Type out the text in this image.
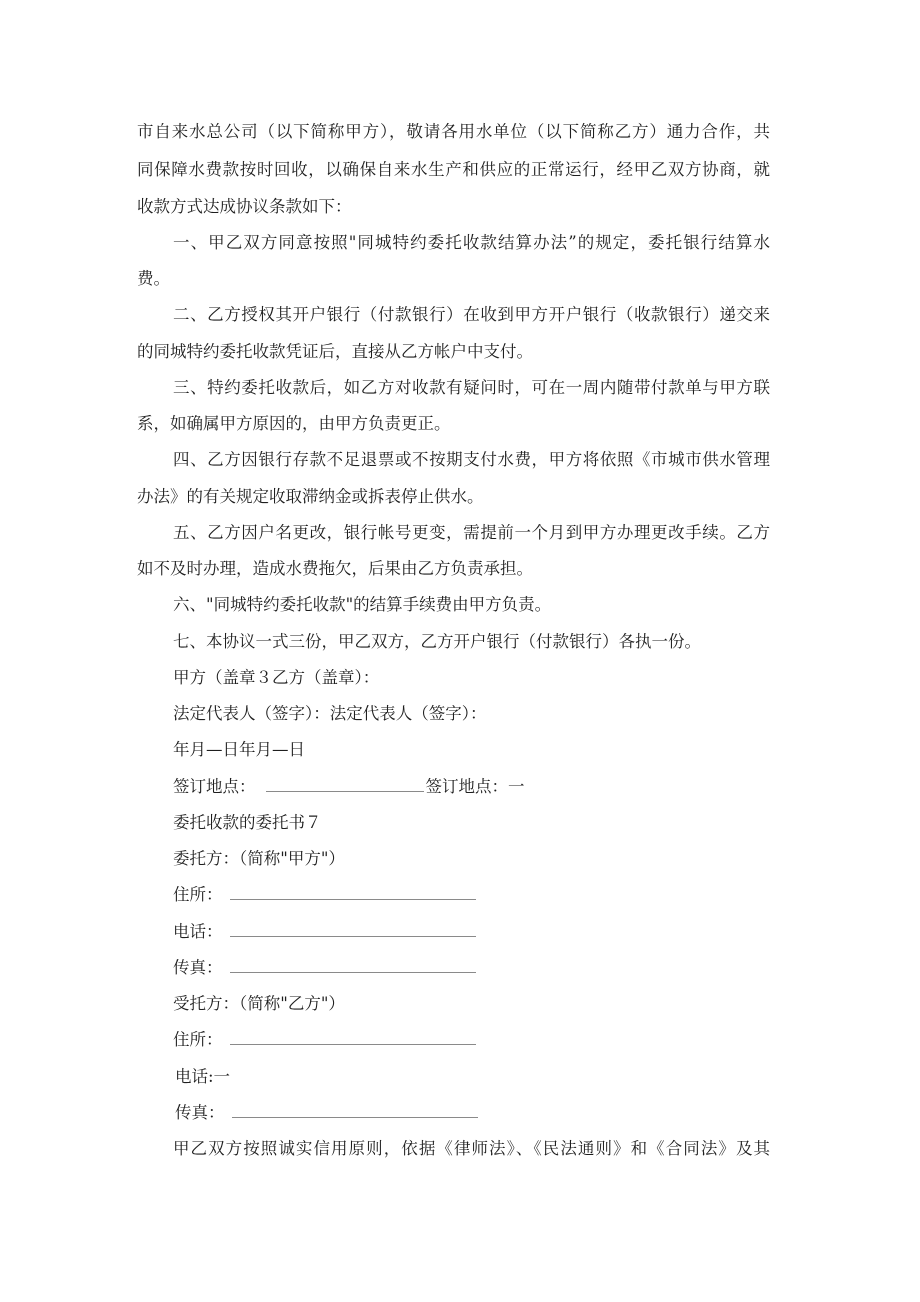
市自来水总公司（以下简称甲方），敬请各用水单位（以下简称乙方）通力合作，共

同保障水费款按时回收，以确保自来水生产和供应的正常运行，经甲乙双方协商，就

收款方式达成协议条款如下：

一、甲乙双方同意按照"同城特约委托收款结算办法”的规定，委托银行结算水

费。

二、乙方授权其开户银行（付款银行）在收到甲方开户银行（收款银行）递交来

的同城特约委托收款凭证后，直接从乙方帐户中支付。

三、特约委托收款后，如乙方对收款有疑问时，可在一周内随带付款单与甲方联

系，如确属甲方原因的，由甲方负责更正。

四、乙方因银行存款不足退票或不按期支付水费，甲方将依照《市城市供水管理

办法》的有关规定收取滞纳金或拆表停止供水。

五、乙方因户名更改，银行帐号更变，需提前一个月到甲方办理更改手续。乙方

如不及时办理，造成水费拖欠，后果由乙方负责承担。

六、"同城特约委托收款"的结算手续费由甲方负责。

七、本协议一式三份，甲乙双方，乙方开户银行（付款银行）各执一份。

甲方（盖章３乙方（盖章）：

法定代表人（签字）：法定代表人（签字）：

年月—日年月—日

签订地点：	签订地点：一

委托收款的委托书７

委托方：（简称"甲方"）

住所：

电话：

传真：

受托方：（简称"乙方"）

住所：

电话:一

传真：

甲乙双方按照诚实信用原则，依据《律师法》、《民法通则》和《合同法》及其
